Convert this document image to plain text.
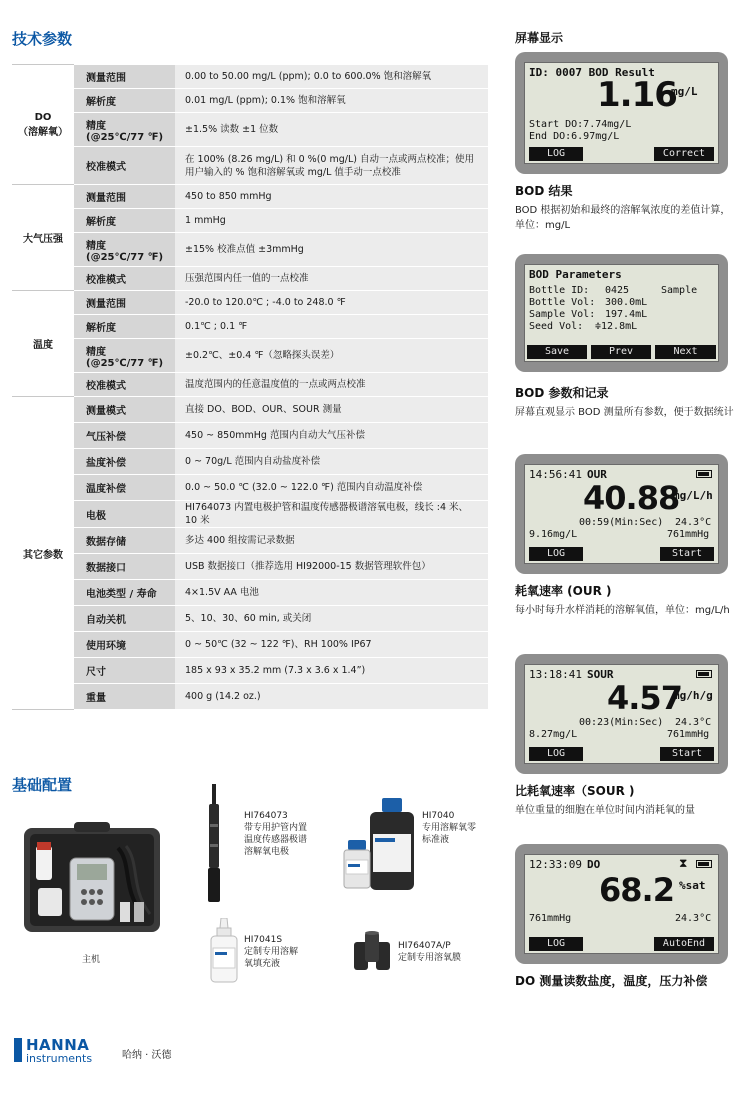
技术参数
DO
（溶解氧）	测量范围	0.00 to 50.00 mg/L (ppm); 0.0 to 600.0% 饱和溶解氧
	解析度	0.01 mg/L (ppm); 0.1% 饱和溶解氧
	精度
(@25℃/77 ℉)	±1.5% 读数 ±1 位数
	校准模式	在 100% (8.26 mg/L) 和 0 %(0 mg/L) 自动一点或两点校准；使用用户输入的 % 饱和溶解氧或 mg/L 值手动一点校准
大气压强	测量范围	450 to 850 mmHg
	解析度	1 mmHg
	精度
(@25℃/77 ℉)	±15% 校准点值 ±3mmHg
	校准模式	压强范围内任一值的一点校准
温度	测量范围	-20.0 to 120.0℃ ; -4.0 to 248.0 ℉
	解析度	0.1℃ ; 0.1 ℉
	精度
(@25℃/77 ℉)	±0.2℃、±0.4 ℉（忽略探头误差）
	校准模式	温度范围内的任意温度值的一点或两点校准
其它参数	测量模式	直接 DO、BOD、OUR、SOUR 测量
	气压补偿	450 ~ 850mmHg 范围内自动大气压补偿
	盐度补偿	0 ~ 70g/L 范围内自动盐度补偿
	温度补偿	0.0 ~ 50.0 ℃ (32.0 ~ 122.0 ℉) 范围内自动温度补偿
	电极	HI764073 内置电极护管和温度传感器极谱溶氧电极，线长 :4 米、10 米
	数据存储	多达 400 组按需记录数据
	数据接口	USB 数据接口（推荐选用 HI92000-15 数据管理软件包）
	电池类型 / 寿命	4×1.5V AA 电池
	自动关机	5、10、30、60 min, 或关闭
	使用环境	0 ~ 50℃ (32 ~ 122 ℉)、RH 100% IP67
	尺寸	185 x 93 x 35.2 mm (7.3 x 3.6 x 1.4”)
	重量	400 g (14.2 oz.)
基础配置
主机
HI764073
带专用护管内置
温度传感器极谱
溶解氧电极
HI7040
专用溶解氧零
标准液
HI7041S
定制专用溶解
氧填充液
HI76407A/P
定制专用溶氧膜
HANNA
instruments	哈纳 · 沃德
屏幕显示
ID: 0007 BOD Result
1.16
mg/L
Start DO:7.74mg/L
End DO:6.97mg/L
LOG	Correct
BOD 结果
BOD 根据初始和最终的溶解氧浓度的差值计算，单位：mg/L
BOD Parameters
Bottle ID: 0425	Sample
Bottle Vol: 300.0mL
Sample Vol: 197.4mL
Seed Vol: ≑12.8mL
Save	Prev	Next
BOD 参数和记录
屏幕直观显示 BOD 测量所有参数，便于数据统计
14:56:41 OUR
40.88
mg/L/h
00:59(Min:Sec) 24.3°C
9.16mg/L	761mmHg
LOG	Start
耗氧速率 (OUR )
每小时每升水样消耗的溶解氧值，单位：mg/L/h
13:18:41 SOUR
4.57
mg/h/g
00:23(Min:Sec) 24.3°C
8.27mg/L	761mmHg
LOG	Start
比耗氧速率（SOUR )
单位重量的细胞在单位时间内消耗氧的量
12:33:09 DO	⧗
68.2 %sat
761mmHg	24.3°C
LOG	AutoEnd
DO 测量读数盐度，温度，压力补偿
